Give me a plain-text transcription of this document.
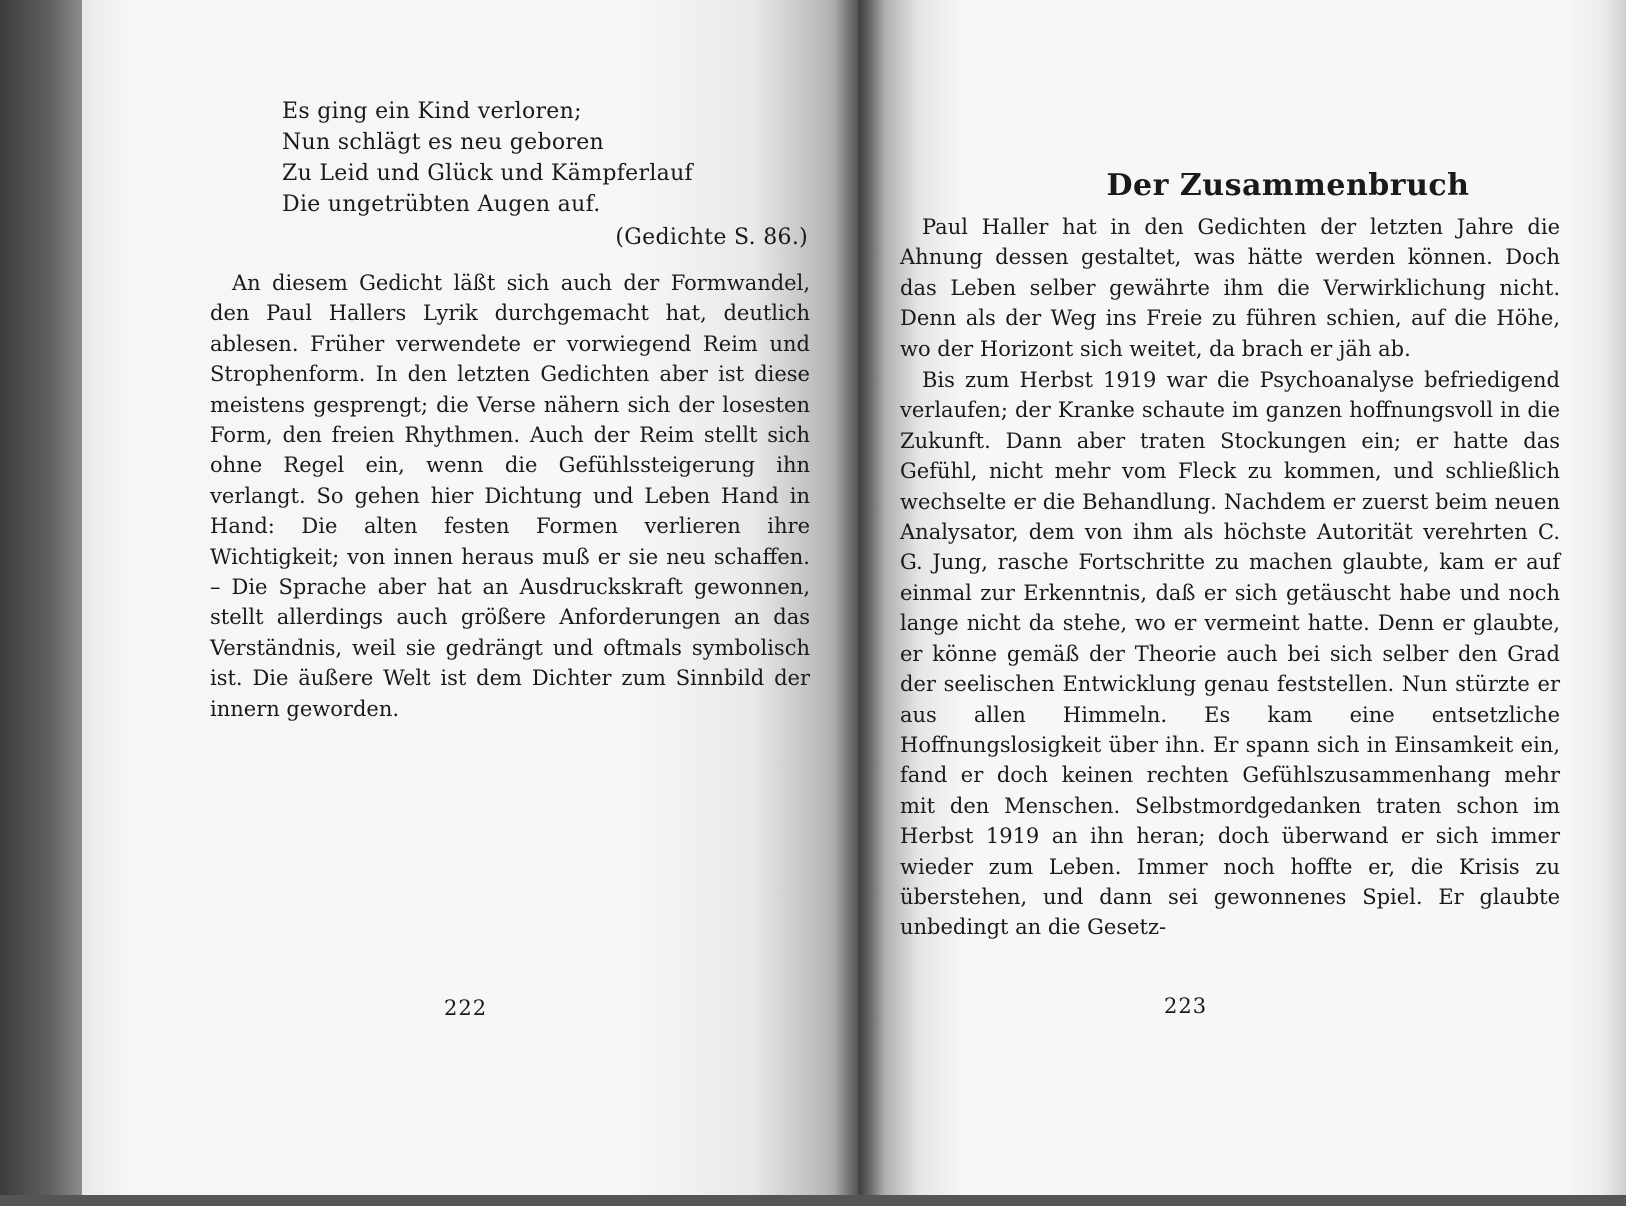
Es ging ein Kind verloren;
Nun schlägt es neu geboren
Zu Leid und Glück und Kämpferlauf
Die ungetrübten Augen auf.
(Gedichte S. 86.)

An diesem Gedicht läßt sich auch der Formwandel, den Paul Hallers Lyrik durchgemacht hat, deutlich ablesen. Früher verwendete er vorwiegend Reim und Strophenform. In den letzten Gedichten aber ist diese meistens gesprengt; die Verse nähern sich der losesten Form, den freien Rhythmen. Auch der Reim stellt sich ohne Regel ein, wenn die Gefühlssteigerung ihn verlangt. So gehen hier Dichtung und Leben Hand in Hand: Die alten festen Formen verlieren ihre Wichtigkeit; von innen heraus muß er sie neu schaffen. – Die Sprache aber hat an Ausdruckskraft gewonnen, stellt allerdings auch größere Anforderungen an das Verständnis, weil sie gedrängt und oftmals symbolisch ist. Die äußere Welt ist dem Dichter zum Sinnbild der innern geworden.

222
Der Zusammenbruch

Paul Haller hat in den Gedichten der letzten Jahre die Ahnung dessen gestaltet, was hätte werden können. Doch das Leben selber gewährte ihm die Verwirklichung nicht. Denn als der Weg ins Freie zu führen schien, auf die Höhe, wo der Horizont sich weitet, da brach er jäh ab.

Bis zum Herbst 1919 war die Psychoanalyse befriedigend verlaufen; der Kranke schaute im ganzen hoffnungsvoll in die Zukunft. Dann aber traten Stockungen ein; er hatte das Gefühl, nicht mehr vom Fleck zu kommen, und schließlich wechselte er die Behandlung. Nachdem er zuerst beim neuen Analysator, dem von ihm als höchste Autorität verehrten C. G. Jung, rasche Fortschritte zu machen glaubte, kam er auf einmal zur Erkenntnis, daß er sich getäuscht habe und noch lange nicht da stehe, wo er vermeint hatte. Denn er glaubte, er könne gemäß der Theorie auch bei sich selber den Grad der seelischen Entwicklung genau feststellen. Nun stürzte er aus allen Himmeln. Es kam eine entsetzliche Hoffnungslosigkeit über ihn. Er spann sich in Einsamkeit ein, fand er doch keinen rechten Gefühlszusammenhang mehr mit den Menschen. Selbstmordgedanken traten schon im Herbst 1919 an ihn heran; doch überwand er sich immer wieder zum Leben. Immer noch hoffte er, die Krisis zu überstehen, und dann sei gewonnenes Spiel. Er glaubte unbedingt an die Gesetz-

223
